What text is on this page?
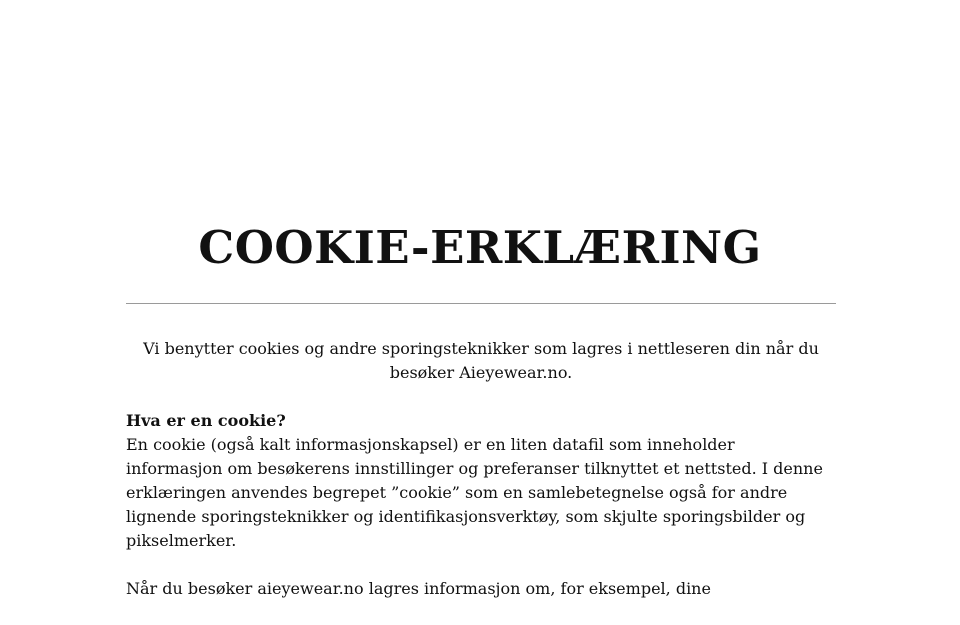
COOKIE-ERKLÆRING

Vi benytter cookies og andre sporingsteknikker som lagres i nettleseren din når du besøker Aieyewear.no.

Hva er en cookie?

En cookie (også kalt informasjonskapsel) er en liten datafil som inneholder informasjon om besøkerens innstillinger og preferanser tilknyttet et nettsted. I denne erklæringen anvendes begrepet ”cookie” som en samlebetegnelse også for andre lignende sporingsteknikker og identifikasjonsverktøy, som skjulte sporingsbilder og pikselmerker.

Når du besøker aieyewear.no lagres informasjon om, for eksempel, dine
